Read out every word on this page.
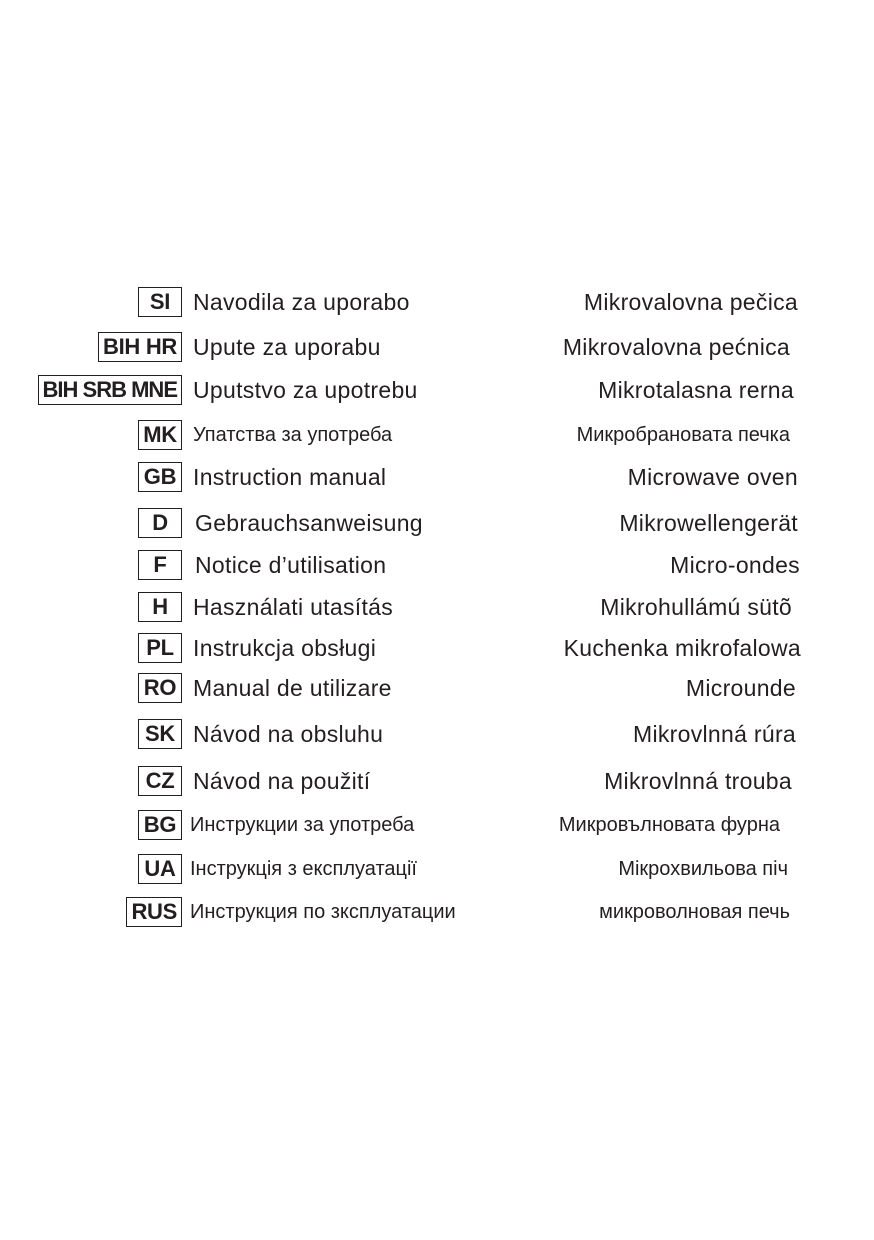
SI Navodila za uporabo	Mikrovalovna pečica
BIH HR Upute za uporabu	Mikrovalovna pećnica
BIH SRB MNE Uputstvo za upotrebu	Mikrotalasna rerna
MK Упатства за употреба	Микробрановата печка
GB Instruction manual	Microwave oven
D	Gebrauchsanweisung	Mikrowellengerät
F	Notice d’utilisation	Micro-ondes
H	Használati utasítás	Mikrohullámú sütõ
PL Instrukcja obsługi	Kuchenka mikrofalowa
RO Manual de utilizare	Microunde
SK Návod na obsluhu	Mikrovlnná rúra
CZ Návod na použití	Mikrovlnná trouba
BG Инструкции за употреба	Микровълновата фурна
UA Інструкція з експлуатації	Мікрохвильова піч
RUS Инструкция по зксплуатации	микроволновая печь
